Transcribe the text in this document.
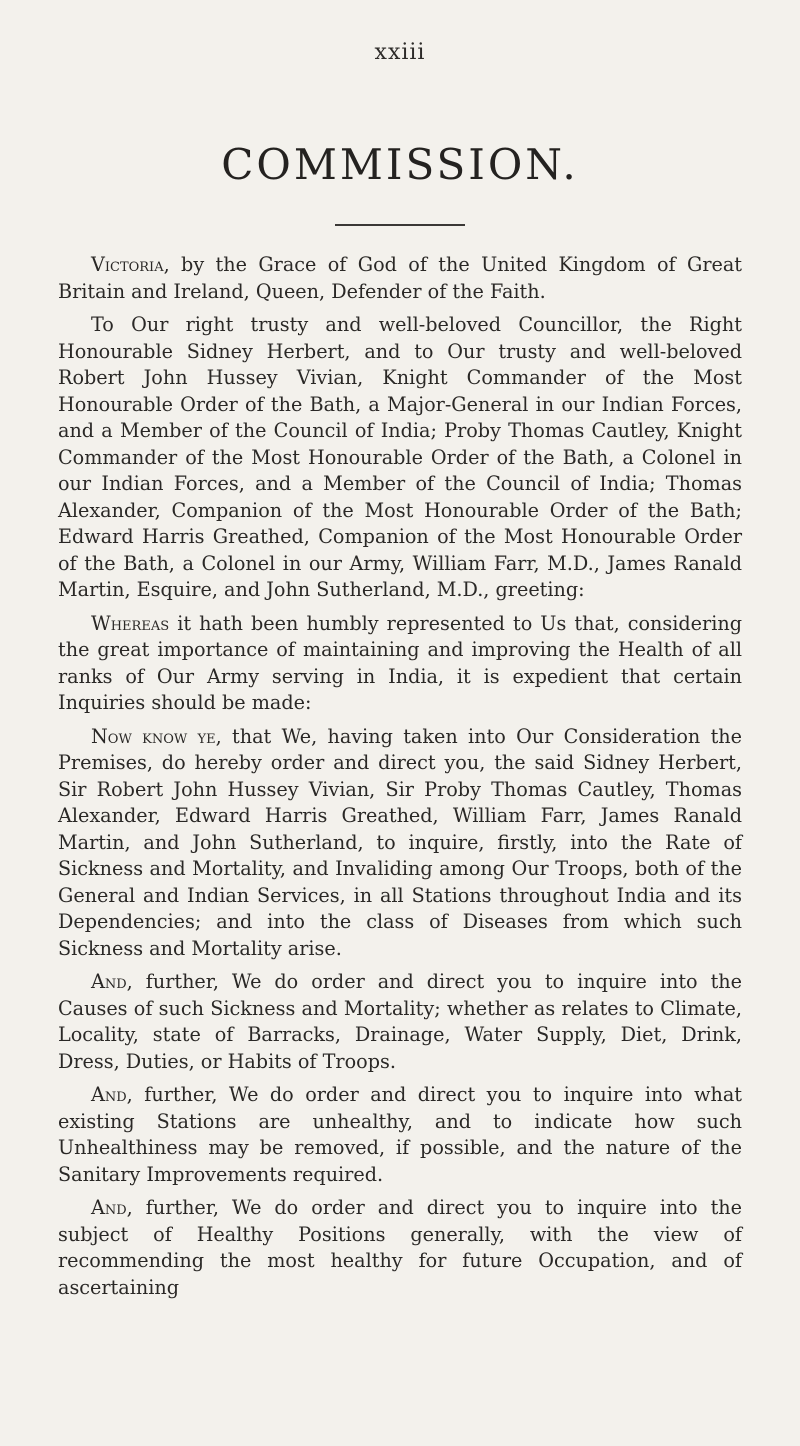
xxiii
COMMISSION.

Victoria, by the Grace of God of the United Kingdom of Great Britain and Ireland, Queen, Defender of the Faith.

To Our right trusty and well-beloved Councillor, the Right Honourable Sidney Herbert, and to Our trusty and well-beloved Robert John Hussey Vivian, Knight Commander of the Most Honourable Order of the Bath, a Major-General in our Indian Forces, and a Member of the Council of India; Proby Thomas Cautley, Knight Commander of the Most Honourable Order of the Bath, a Colonel in our Indian Forces, and a Member of the Council of India; Thomas Alexander, Companion of the Most Honourable Order of the Bath; Edward Harris Greathed, Companion of the Most Honourable Order of the Bath, a Colonel in our Army, William Farr, M.D., James Ranald Martin, Esquire, and John Sutherland, M.D., greeting:

Whereas it hath been humbly represented to Us that, considering the great importance of maintaining and improving the Health of all ranks of Our Army serving in India, it is expedient that certain Inquiries should be made:

Now know ye, that We, having taken into Our Consideration the Premises, do hereby order and direct you, the said Sidney Herbert, Sir Robert John Hussey Vivian, Sir Proby Thomas Cautley, Thomas Alexander, Edward Harris Greathed, William Farr, James Ranald Martin, and John Sutherland, to inquire, firstly, into the Rate of Sickness and Mortality, and Invaliding among Our Troops, both of the General and Indian Services, in all Stations throughout India and its Dependencies; and into the class of Diseases from which such Sickness and Mortality arise.

And, further, We do order and direct you to inquire into the Causes of such Sickness and Mortality; whether as relates to Climate, Locality, state of Barracks, Drainage, Water Supply, Diet, Drink, Dress, Duties, or Habits of Troops.

And, further, We do order and direct you to inquire into what existing Stations are unhealthy, and to indicate how such Unhealthiness may be removed, if possible, and the nature of the Sanitary Improvements required.

And, further, We do order and direct you to inquire into the subject of Healthy Positions generally, with the view of recommending the most healthy for future Occupation, and of ascertaining
